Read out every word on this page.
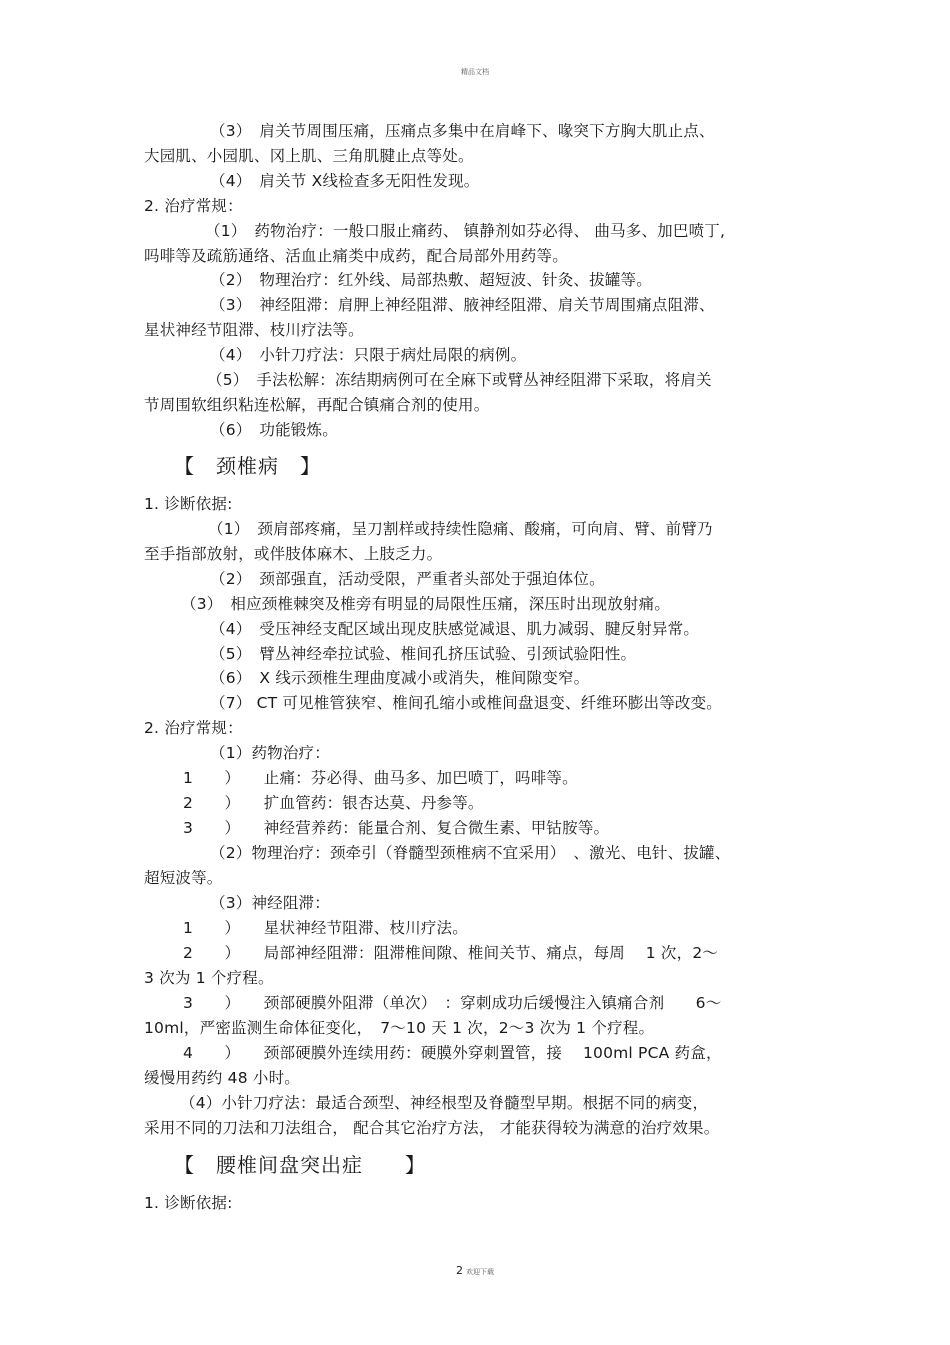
精品文档
（3）　肩关节周围压痛，压痛点多集中在肩峰下、喙突下方胸大肌止点、
大园肌、小园肌、冈上肌、三角肌腱止点等处。
（4）　肩关节 X线检查多无阳性发现。
2. 治疗常规：
（1）　药物治疗：一般口服止痛药、 镇静剂如芬必得、 曲马多、加巴喷丁,
吗啡等及疏筋通络、活血止痛类中成药，配合局部外用药等。
（2）　物理治疗：红外线、局部热敷、超短波、针灸、拔罐等。
（3）　神经阻滞：肩胛上神经阻滞、腋神经阻滞、肩关节周围痛点阻滞、
星状神经节阻滞、枝川疗法等。
（4）　小针刀疗法：只限于病灶局限的病例。
（5）　手法松解：冻结期病例可在全麻下或臂丛神经阻滞下采取，将肩关
节周围软组织粘连松解，再配合镇痛合剂的使用。
（6）　功能锻炼。
【　颈椎病　】
1. 诊断依据:
（1）　颈肩部疼痛，呈刀割样或持续性隐痛、酸痛，可向肩、臂、前臂乃
至手指部放射，或伴肢体麻木、上肢乏力。
（2）　颈部强直，活动受限，严重者头部处于强迫体位。
（3）　相应颈椎棘突及椎旁有明显的局限性压痛，深压时出现放射痛。
（4）　受压神经支配区域出现皮肤感觉减退、肌力减弱、腱反射异常。
（5）　臂丛神经牵拉试验、椎间孔挤压试验、引颈试验阳性。
（6）　X 线示颈椎生理曲度减小或消失，椎间隙变窄。
（7） CT 可见椎管狭窄、椎间孔缩小或椎间盘退变、纤维环膨出等改变。
2. 治疗常规：
（1）药物治疗：
1　　）　　止痛：芬必得、曲马多、加巴喷丁，吗啡等。
2　　）　　扩血管药：银杏达莫、丹参等。
3　　）　　神经营养药：能量合剂、复合微生素、甲钴胺等。
（2）物理治疗：颈牵引（脊髓型颈椎病不宜采用）　、激光、电针、拔罐、
超短波等。
（3）神经阻滞：
1　　）　　星状神经节阻滞、枝川疗法。
2　　）　　局部神经阻滞：阻滞椎间隙、椎间关节、痛点，每周　 1 次，2～
3 次为 1 个疗程。
3　　）　　颈部硬膜外阻滞（单次）　：穿刺成功后缓慢注入镇痛合剂　　6～
10ml，严密监测生命体征变化，　7～10 天 1 次，2～3 次为 1 个疗程。
4　　）　　颈部硬膜外连续用药：硬膜外穿刺置管，接　 100ml PCA 药盒，
缓慢用药约 48 小时。
（4）小针刀疗法：最适合颈型、神经根型及脊髓型早期。根据不同的病变，
采用不同的刀法和刀法组合， 配合其它治疗方法， 才能获得较为满意的治疗效果。
【　腰椎间盘突出症　　】
1. 诊断依据:
2 欢迎下载
